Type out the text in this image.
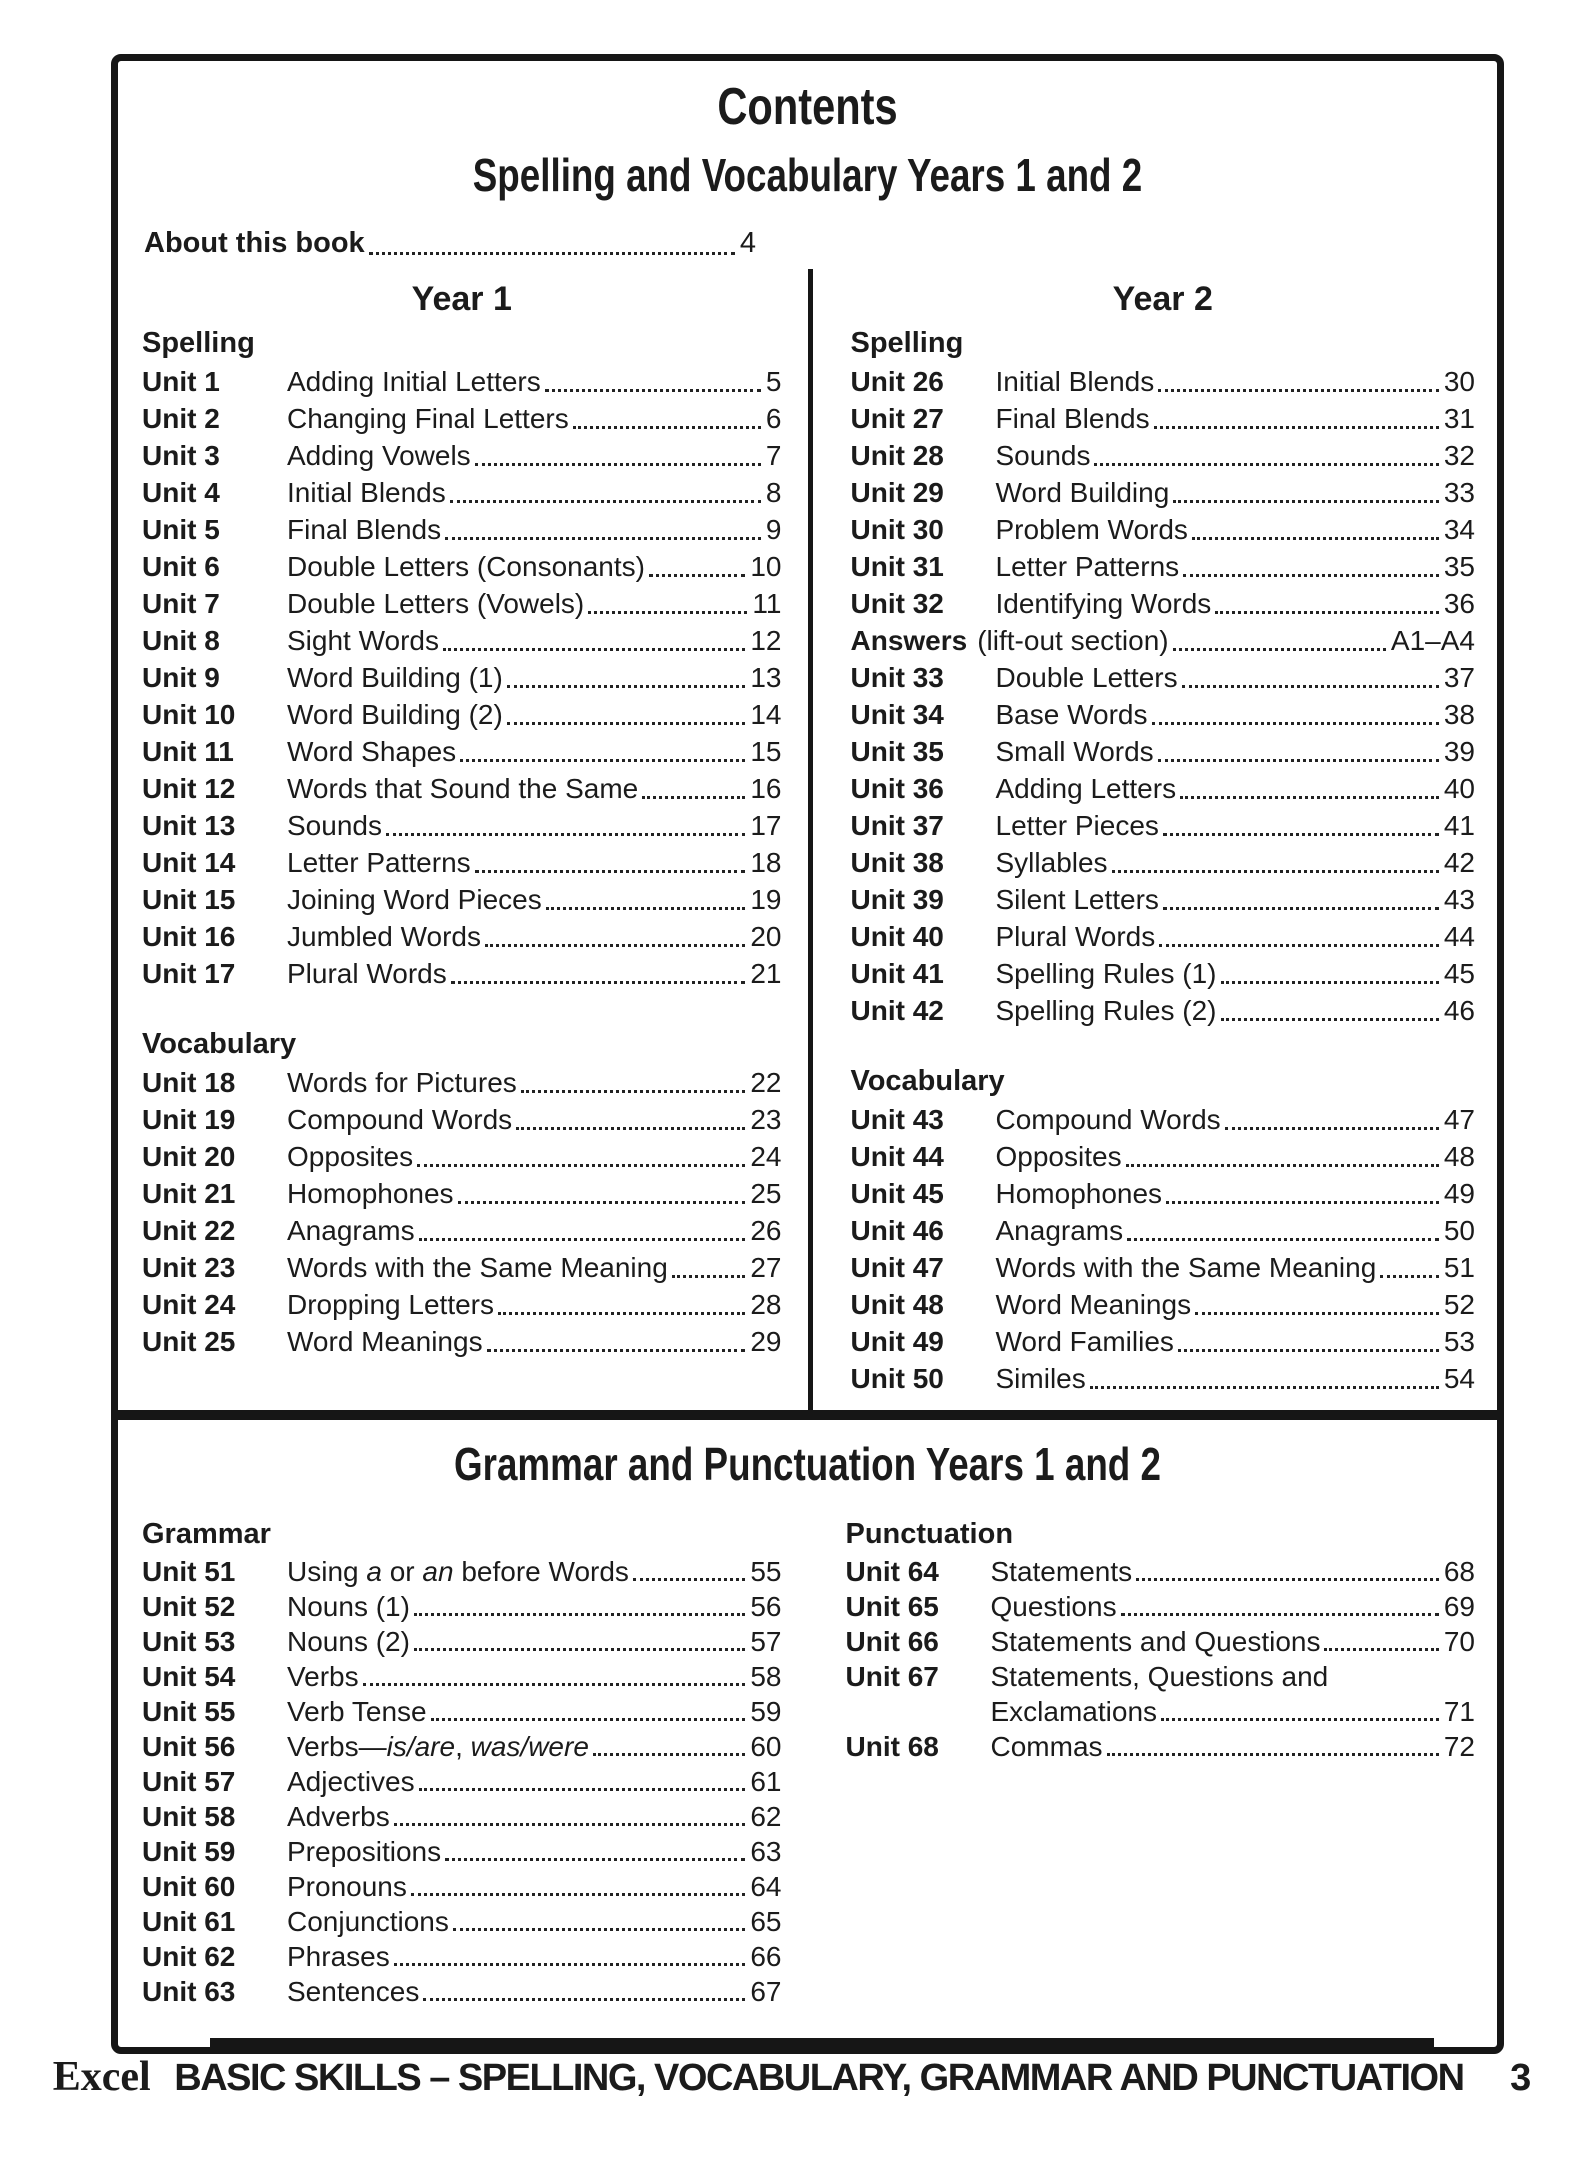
Contents
Spelling and Vocabulary Years 1 and 2
About this book	4
Year 1
Spelling
Unit 1	Adding Initial Letters	5
Unit 2	Changing Final Letters	6
Unit 3	Adding Vowels	7
Unit 4	Initial Blends	8
Unit 5	Final Blends	9
Unit 6	Double Letters (Consonants)	10
Unit 7	Double Letters (Vowels)	11
Unit 8	Sight Words	12
Unit 9	Word Building (1)	13
Unit 10	Word Building (2)	14
Unit 11	Word Shapes	15
Unit 12	Words that Sound the Same	16
Unit 13	Sounds	17
Unit 14	Letter Patterns	18
Unit 15	Joining Word Pieces	19
Unit 16	Jumbled Words	20
Unit 17	Plural Words	21
Vocabulary
Unit 18	Words for Pictures	22
Unit 19	Compound Words	23
Unit 20	Opposites	24
Unit 21	Homophones	25
Unit 22	Anagrams	26
Unit 23	Words with the Same Meaning	27
Unit 24	Dropping Letters	28
Unit 25	Word Meanings	29
Year 2
Spelling
Unit 26	Initial Blends	30
Unit 27	Final Blends	31
Unit 28	Sounds	32
Unit 29	Word Building	33
Unit 30	Problem Words	34
Unit 31	Letter Patterns	35
Unit 32	Identifying Words	36
Answers (lift-out section)	A1–A4
Unit 33	Double Letters	37
Unit 34	Base Words	38
Unit 35	Small Words	39
Unit 36	Adding Letters	40
Unit 37	Letter Pieces	41
Unit 38	Syllables	42
Unit 39	Silent Letters	43
Unit 40	Plural Words	44
Unit 41	Spelling Rules (1)	45
Unit 42	Spelling Rules (2)	46
Vocabulary
Unit 43	Compound Words	47
Unit 44	Opposites	48
Unit 45	Homophones	49
Unit 46	Anagrams	50
Unit 47	Words with the Same Meaning 51
Unit 48	Word Meanings	52
Unit 49	Word Families	53
Unit 50	Similes	54
Grammar and Punctuation Years 1 and 2
Grammar
Unit 51	Using a or an before Words	55
Unit 52	Nouns (1)	56
Unit 53	Nouns (2)	57
Unit 54	Verbs	58
Unit 55	Verb Tense	59
Unit 56	Verbs—is/are, was/were	60
Unit 57	Adjectives	61
Unit 58	Adverbs	62
Unit 59	Prepositions	63
Unit 60	Pronouns	64
Unit 61	Conjunctions	65
Unit 62	Phrases	66
Unit 63	Sentences	67
Punctuation
Unit 64	Statements	68
Unit 65	Questions	69
Unit 66	Statements and Questions	70
Unit 67	Statements, Questions and
Exclamations	71
Unit 68	Commas	72
Excel BASIC SKILLS – SPELLING, VOCABULARY, GRAMMAR AND PUNCTUATION 3
